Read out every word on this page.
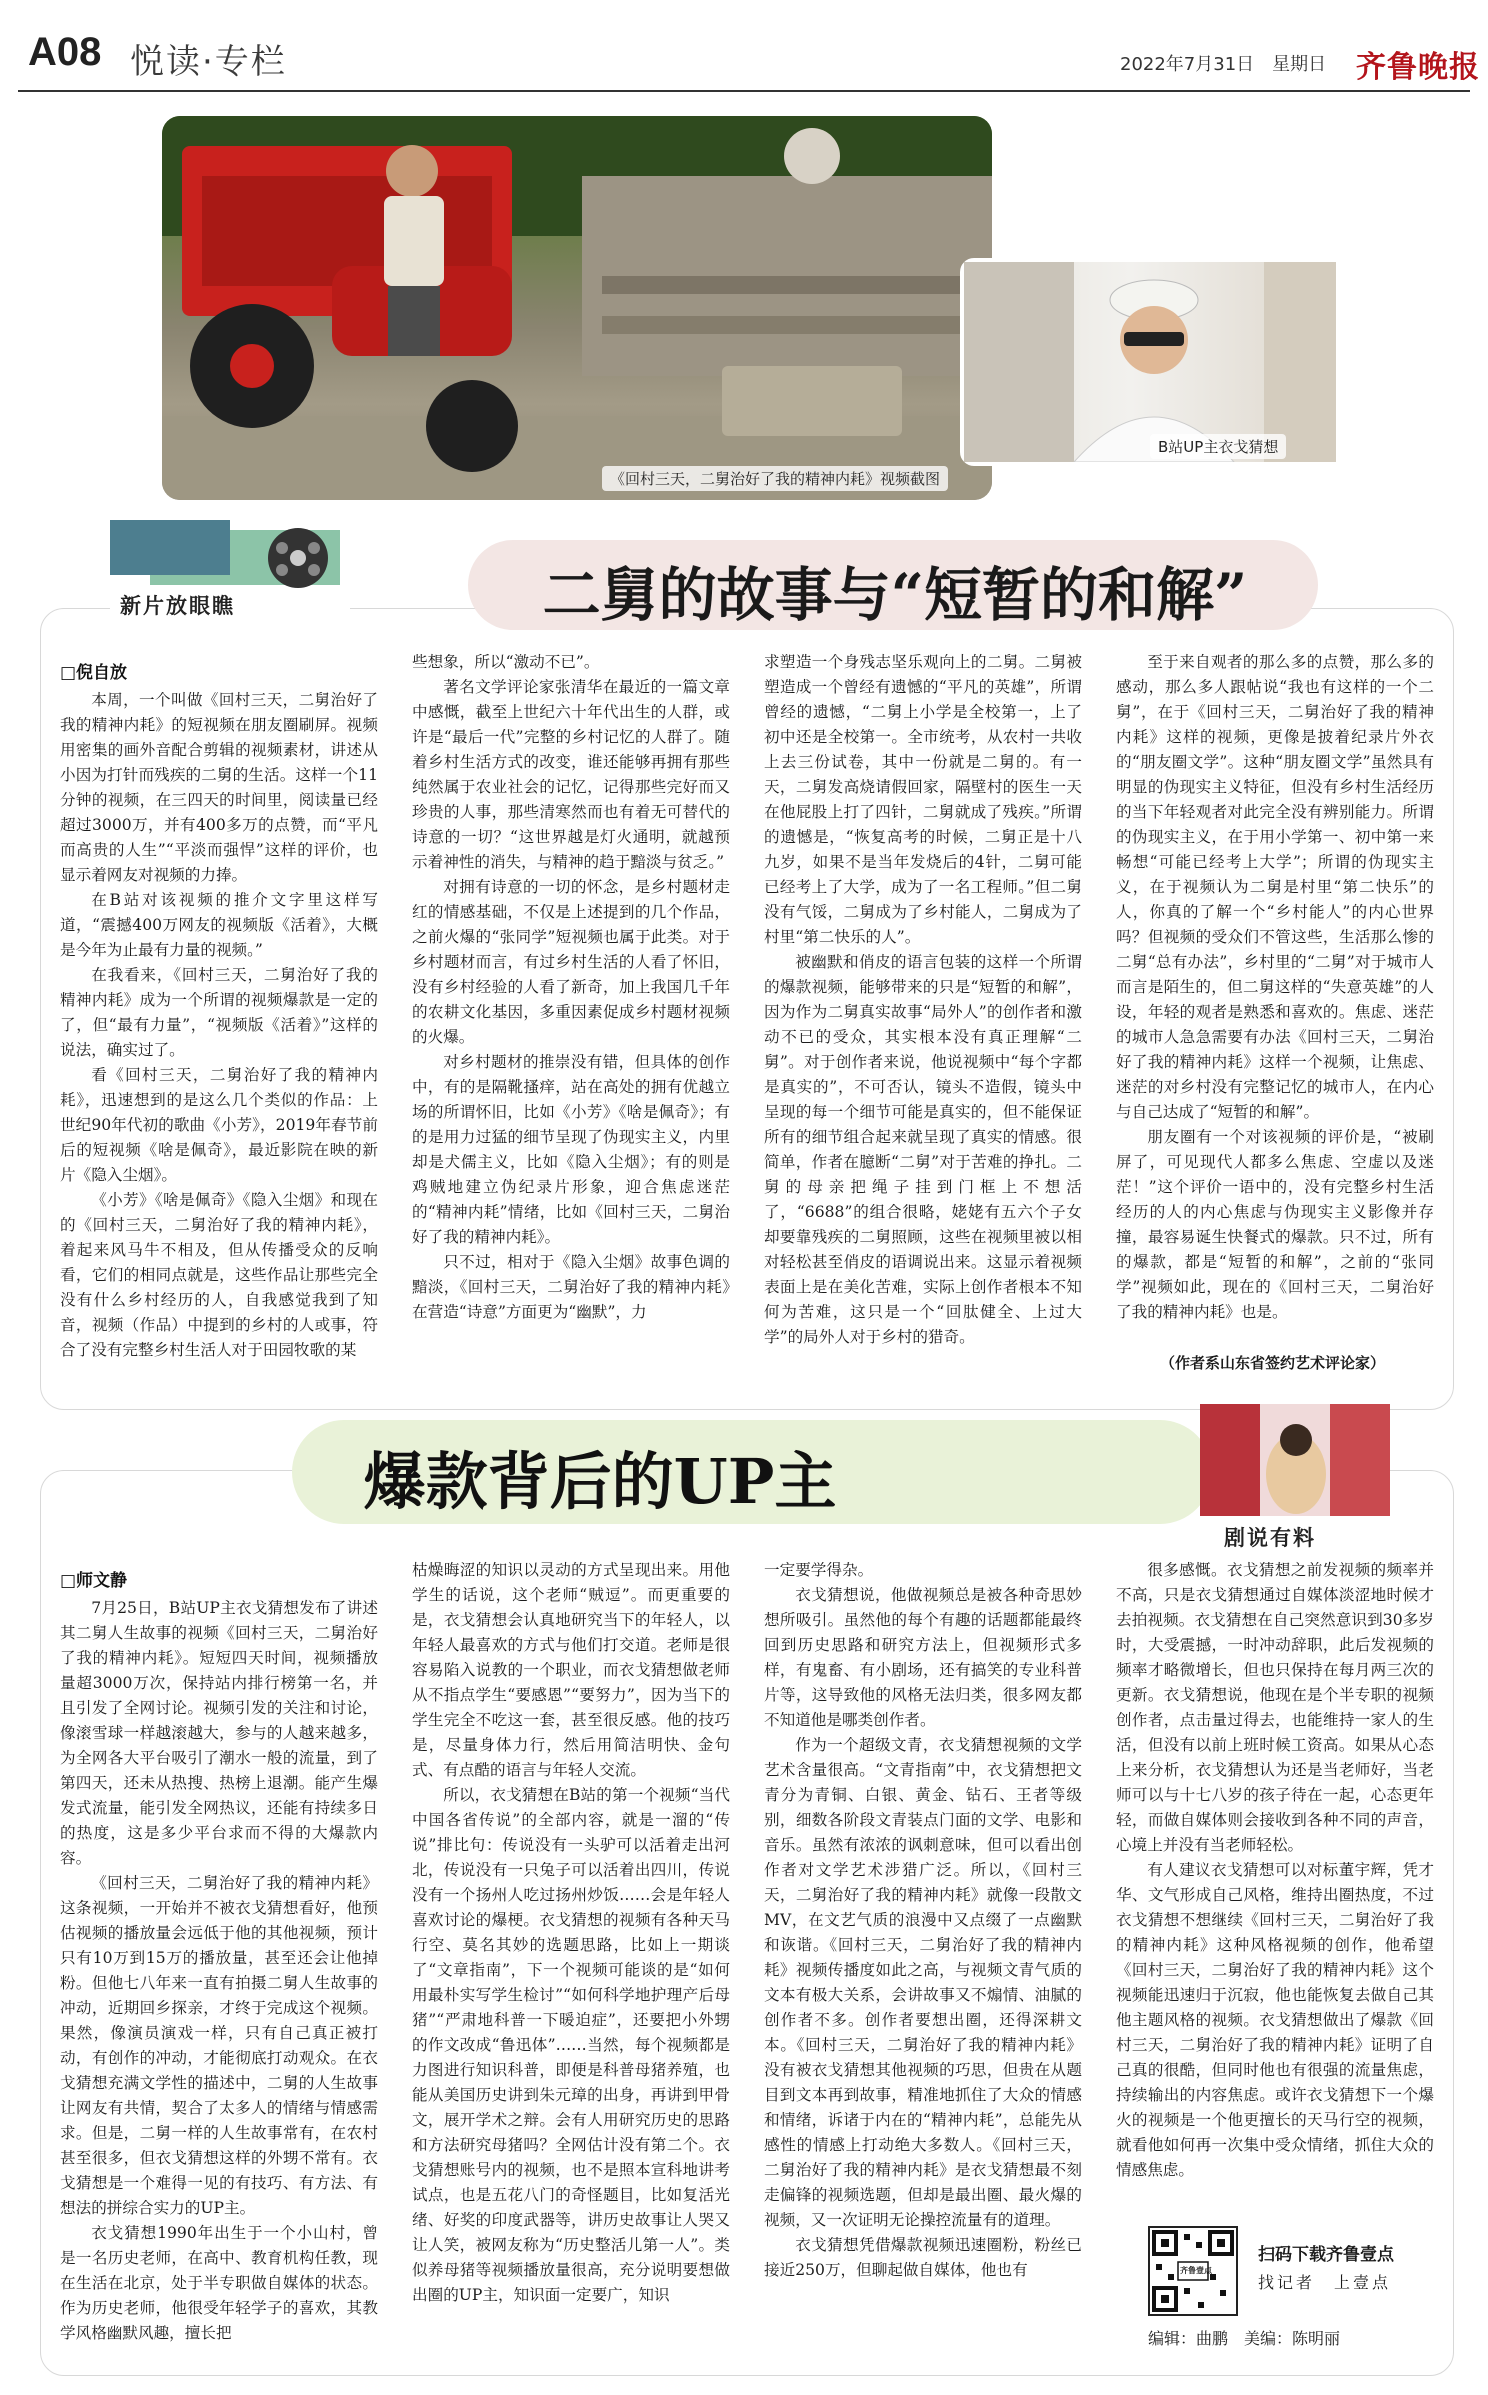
A08 悦读·专栏	2022年7月31日　星期日 齐鲁晚报
《回村三天，二舅治好了我的精神内耗》视频截图
B站UP主衣戈猜想
新片放眼瞧	二舅的故事与“短暂的和解”
□倪自放

本周，一个叫做《回村三天，二舅治好了我的精神内耗》的短视频在朋友圈刷屏。视频用密集的画外音配合剪辑的视频素材，讲述从小因为打针而残疾的二舅的生活。这样一个11分钟的视频，在三四天的时间里，阅读量已经超过3000万，并有400多万的点赞，而“平凡而高贵的人生”“平淡而强悍”这样的评价，也显示着网友对视频的力捧。

在B站对该视频的推介文字里这样写道，“震撼400万网友的视频版《活着》，大概是今年为止最有力量的视频。”

在我看来，《回村三天，二舅治好了我的精神内耗》成为一个所谓的视频爆款是一定的了，但“最有力量”，“视频版《活着》”这样的说法，确实过了。

看《回村三天，二舅治好了我的精神内耗》，迅速想到的是这么几个类似的作品：上世纪90年代初的歌曲《小芳》，2019年春节前后的短视频《啥是佩奇》，最近影院在映的新片《隐入尘烟》。

《小芳》《啥是佩奇》《隐入尘烟》和现在的《回村三天，二舅治好了我的精神内耗》，着起来风马牛不相及，但从传播受众的反响看，它们的相同点就是，这些作品让那些完全没有什么乡村经历的人，自我感觉我到了知音，视频（作品）中提到的乡村的人或事，符合了没有完整乡村生活人对于田园牧歌的某

些想象，所以“激动不已”。

著名文学评论家张清华在最近的一篇文章中感慨，截至上世纪六十年代出生的人群，或许是“最后一代”完整的乡村记忆的人群了。随着乡村生活方式的改变，谁还能够再拥有那些纯然属于农业社会的记忆，记得那些完好而又珍贵的人事，那些清寒然而也有着无可替代的诗意的一切？“这世界越是灯火通明，就越预示着神性的消失，与精神的趋于黯淡与贫乏。”

对拥有诗意的一切的怀念，是乡村题材走红的情感基础，不仅是上述提到的几个作品，之前火爆的“张同学”短视频也属于此类。对于乡村题材而言，有过乡村生活的人看了怀旧，没有乡村经验的人看了新奇，加上我国几千年的农耕文化基因，多重因素促成乡村题材视频的火爆。

对乡村题材的推崇没有错，但具体的创作中，有的是隔靴搔痒，站在高处的拥有优越立场的所谓怀旧，比如《小芳》《啥是佩奇》；有的是用力过猛的细节呈现了伪现实主义，内里却是犬儒主义，比如《隐入尘烟》；有的则是鸡贼地建立伪纪录片形象，迎合焦虑迷茫的“精神内耗”情绪，比如《回村三天，二舅治好了我的精神内耗》。

只不过，相对于《隐入尘烟》故事色调的黯淡，《回村三天，二舅治好了我的精神内耗》在营造“诗意”方面更为“幽默”，力

求塑造一个身残志坚乐观向上的二舅。二舅被塑造成一个曾经有遗憾的“平凡的英雄”，所谓曾经的遗憾，“二舅上小学是全校第一，上了初中还是全校第一。全市统考，从农村一共收上去三份试卷，其中一份就是二舅的。有一天，二舅发高烧请假回家，隔壁村的医生一天在他屁股上打了四针，二舅就成了残疾。”所谓的遗憾是，“恢复高考的时候，二舅正是十八九岁，如果不是当年发烧后的4针，二舅可能已经考上了大学，成为了一名工程师。”但二舅没有气馁，二舅成为了乡村能人，二舅成为了村里“第二快乐的人”。

被幽默和俏皮的语言包装的这样一个所谓的爆款视频，能够带来的只是“短暂的和解”，因为作为二舅真实故事“局外人”的创作者和激动不已的受众，其实根本没有真正理解“二舅”。对于创作者来说，他说视频中“每个字都是真实的”，不可否认，镜头不造假，镜头中呈现的每一个细节可能是真实的，但不能保证所有的细节组合起来就呈现了真实的情感。很简单，作者在臆断“二舅”对于苦难的挣扎。二舅的母亲把绳子挂到门框上不想活了，“6688”的组合很略，姥姥有五六个子女却要靠残疾的二舅照顾，这些在视频里被以相对轻松甚至俏皮的语调说出来。这显示着视频表面上是在美化苦难，实际上创作者根本不知何为苦难，这只是一个“回肽健全、上过大学”的局外人对于乡村的猎奇。

至于来自观者的那么多的点赞，那么多的感动，那么多人跟帖说“我也有这样的一个二舅”，在于《回村三天，二舅治好了我的精神内耗》这样的视频，更像是披着纪录片外衣的“朋友圈文学”。这种“朋友圈文学”虽然具有明显的伪现实主义特征，但没有乡村生活经历的当下年轻观者对此完全没有辨别能力。所谓的伪现实主义，在于用小学第一、初中第一来畅想“可能已经考上大学”；所谓的伪现实主义，在于视频认为二舅是村里“第二快乐”的人，你真的了解一个“乡村能人”的内心世界吗？但视频的受众们不管这些，生活那么惨的二舅“总有办法”，乡村里的“二舅”对于城市人而言是陌生的，但二舅这样的“失意英雄”的人设，年轻的观者是熟悉和喜欢的。焦虑、迷茫的城市人急急需要有办法《回村三天，二舅治好了我的精神内耗》这样一个视频，让焦虑、迷茫的对乡村没有完整记忆的城市人，在内心与自己达成了“短暂的和解”。

朋友圈有一个对该视频的评价是，“被刷屏了，可见现代人都多么焦虑、空虚以及迷茫！”这个评价一语中的，没有完整乡村生活经历的人的内心焦虑与伪现实主义影像并存撞，最容易诞生快餐式的爆款。只不过，所有的爆款，都是“短暂的和解”，之前的“张同学”视频如此，现在的《回村三天，二舅治好了我的精神内耗》也是。

（作者系山东省签约艺术评论家）
爆款背后的UP主
剧说有料
□师文静

7月25日，B站UP主衣戈猜想发布了讲述其二舅人生故事的视频《回村三天，二舅治好了我的精神内耗》。短短四天时间，视频播放量超3000万次，保持站内排行榜第一名，并且引发了全网讨论。视频引发的关注和讨论，像滚雪球一样越滚越大，参与的人越来越多，为全网各大平台吸引了潮水一般的流量，到了第四天，还未从热搜、热榜上退潮。能产生爆发式流量，能引发全网热议，还能有持续多日的热度，这是多少平台求而不得的大爆款内容。

《回村三天，二舅治好了我的精神内耗》这条视频，一开始并不被衣戈猜想看好，他预估视频的播放量会远低于他的其他视频，预计只有10万到15万的播放量，甚至还会让他掉粉。但他七八年来一直有拍摄二舅人生故事的冲动，近期回乡探亲，才终于完成这个视频。果然，像演员演戏一样，只有自己真正被打动，有创作的冲动，才能彻底打动观众。在衣戈猜想充满文学性的描述中，二舅的人生故事让网友有共情，契合了太多人的情绪与情感需求。但是，二舅一样的人生故事常有，在农村甚至很多，但衣戈猜想这样的外甥不常有。衣戈猜想是一个难得一见的有技巧、有方法、有想法的拼综合实力的UP主。

衣戈猜想1990年出生于一个小山村，曾是一名历史老师，在高中、教育机构任教，现在生活在北京，处于半专职做自媒体的状态。作为历史老师，他很受年轻学子的喜欢，其教学风格幽默风趣，擅长把

枯燥晦涩的知识以灵动的方式呈现出来。用他学生的话说，这个老师“贼逗”。而更重要的是，衣戈猜想会认真地研究当下的年轻人，以年轻人最喜欢的方式与他们打交道。老师是很容易陷入说教的一个职业，而衣戈猜想做老师从不指点学生“要感恩”“要努力”，因为当下的学生完全不吃这一套，甚至很反感。他的技巧是，尽量身体力行，然后用简洁明快、金句式、有点酷的语言与年轻人交流。

所以，衣戈猜想在B站的第一个视频“当代中国各省传说”的全部内容，就是一溜的“传说”排比句：传说没有一头驴可以活着走出河北，传说没有一只兔子可以活着出四川，传说没有一个扬州人吃过扬州炒饭……会是年轻人喜欢讨论的爆梗。衣戈猜想的视频有各种天马行空、莫名其妙的选题思路，比如上一期谈了“文章指南”，下一个视频可能谈的是“如何用最朴实写学生检讨”“如何科学地护理产后母猪”“严肃地科普一下暖迫症”，还要把小外甥的作文改成“鲁迅体”……当然，每个视频都是力图进行知识科普，即便是科普母猪养殖，也能从美国历史讲到朱元璋的出身，再讲到甲骨文，展开学术之辩。会有人用研究历史的思路和方法研究母猪吗？全网估计没有第二个。衣戈猜想账号内的视频，也不是照本宣科地讲考试点，也是五花八门的奇怪题目，比如复活光绪、好奖的印度武器等，讲历史故事让人哭又让人笑，被网友称为“历史整活儿第一人”。类似养母猪等视频播放量很高，充分说明要想做出圈的UP主，知识面一定要广，知识

一定要学得杂。

衣戈猜想说，他做视频总是被各种奇思妙想所吸引。虽然他的每个有趣的话题都能最终回到历史思路和研究方法上，但视频形式多样，有鬼畜、有小剧场，还有搞笑的专业科普片等，这导致他的风格无法归类，很多网友都不知道他是哪类创作者。

作为一个超级文青，衣戈猜想视频的文学艺术含量很高。“文青指南”中，衣戈猜想把文青分为青铜、白银、黄金、钻石、王者等级别，细数各阶段文青装点门面的文学、电影和音乐。虽然有浓浓的讽刺意味，但可以看出创作者对文学艺术涉猎广泛。所以，《回村三天，二舅治好了我的精神内耗》就像一段散文MV，在文艺气质的浪漫中又点缀了一点幽默和诙谐。《回村三天，二舅治好了我的精神内耗》视频传播度如此之高，与视频文青气质的文本有极大关系，会讲故事又不煽情、油腻的创作者不多。创作者要想出圈，还得深耕文本。《回村三天，二舅治好了我的精神内耗》没有被衣戈猜想其他视频的巧思，但贵在从题目到文本再到故事，精准地抓住了大众的情感和情绪，诉诸于内在的“精神内耗”，总能先从感性的情感上打动绝大多数人。《回村三天，二舅治好了我的精神内耗》是衣戈猜想最不刻走偏锋的视频选题，但却是最出圈、最火爆的视频，又一次证明无论操控流量有的道理。

衣戈猜想凭借爆款视频迅速圈粉，粉丝已接近250万，但聊起做自媒体，他也有

很多感慨。衣戈猜想之前发视频的频率并不高，只是衣戈猜想通过自媒体淡涩地时候才去拍视频。衣戈猜想在自己突然意识到30多岁时，大受震撼，一时冲动辞职，此后发视频的频率才略微增长，但也只保持在每月两三次的更新。衣戈猜想说，他现在是个半专职的视频创作者，点击量过得去，也能维持一家人的生活，但没有以前上班时候工资高。如果从心态上来分析，衣戈猜想认为还是当老师好，当老师可以与十七八岁的孩子待在一起，心态更年轻，而做自媒体则会接收到各种不同的声音，心境上并没有当老师轻松。

有人建议衣戈猜想可以对标董宇辉，凭才华、文气形成自己风格，维持出圈热度，不过衣戈猜想不想继续《回村三天，二舅治好了我的精神内耗》这种风格视频的创作，他希望《回村三天，二舅治好了我的精神内耗》这个视频能迅速归于沉寂，他也能恢复去做自己其他主题风格的视频。衣戈猜想做出了爆款《回村三天，二舅治好了我的精神内耗》证明了自己真的很酷，但同时他也有很强的流量焦虑，持续输出的内容焦虑。或许衣戈猜想下一个爆火的视频是一个他更擅长的天马行空的视频，就看他如何再一次集中受众情绪，抓住大众的情感焦虑。

齐鲁壹点
扫码下载齐鲁壹点
找记者　上壹点
编辑：曲鹏　美编：陈明丽
